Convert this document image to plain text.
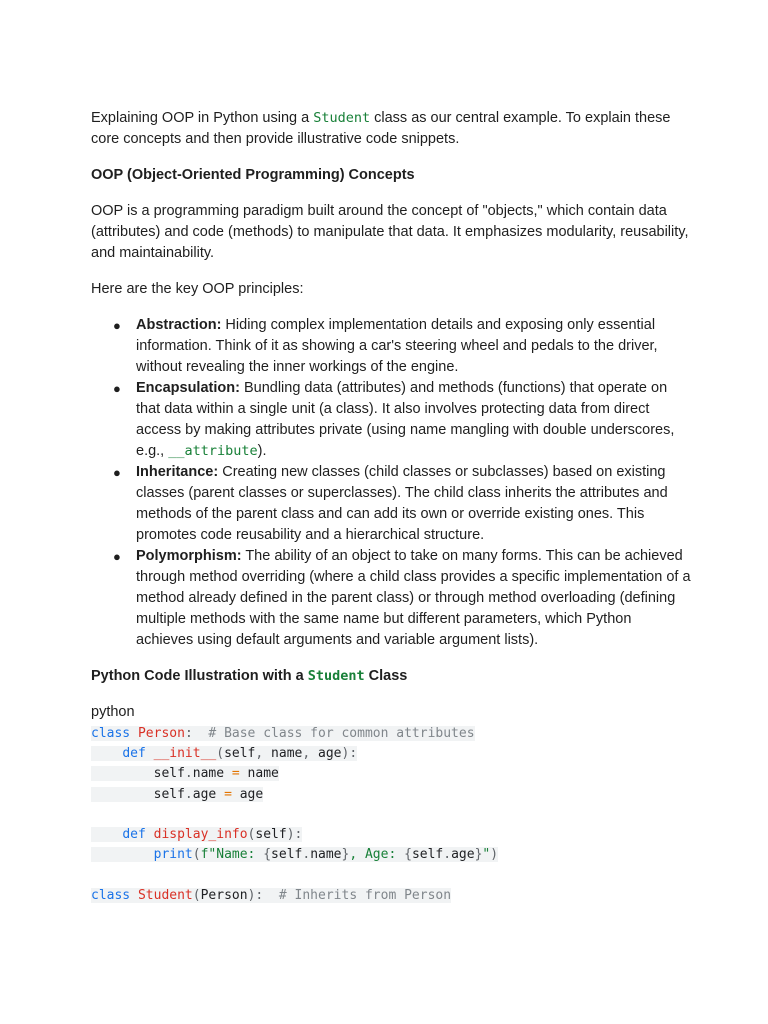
Explaining OOP in Python using a Student class as our central example. To explain these core concepts and then provide illustrative code snippets.

OOP (Object-Oriented Programming) Concepts

OOP is a programming paradigm built around the concept of "objects," which contain data (attributes) and code (methods) to manipulate that data. It emphasizes modularity, reusability, and maintainability.

Here are the key OOP principles:

● Abstraction: Hiding complex implementation details and exposing only essential information. Think of it as showing a car's steering wheel and pedals to the driver, without revealing the inner workings of the engine.
● Encapsulation: Bundling data (attributes) and methods (functions) that operate on that data within a single unit (a class). It also involves protecting data from direct access by making attributes private (using name mangling with double underscores, e.g., __attribute).
● Inheritance: Creating new classes (child classes or subclasses) based on existing classes (parent classes or superclasses). The child class inherits the attributes and methods of the parent class and can add its own or override existing ones. This promotes code reusability and a hierarchical structure.
● Polymorphism: The ability of an object to take on many forms. This can be achieved through method overriding (where a child class provides a specific implementation of a method already defined in the parent class) or through method overloading (defining multiple methods with the same name but different parameters, which Python achieves using default arguments and variable argument lists).

Python Code Illustration with a Student Class

python
class Person: # Base class for common attributes
def __init__(self, name, age):
self.name = name
self.age = age
def display_info(self):
print(f"Name: {self.name}, Age: {self.age}")
class Student(Person): # Inherits from Person
